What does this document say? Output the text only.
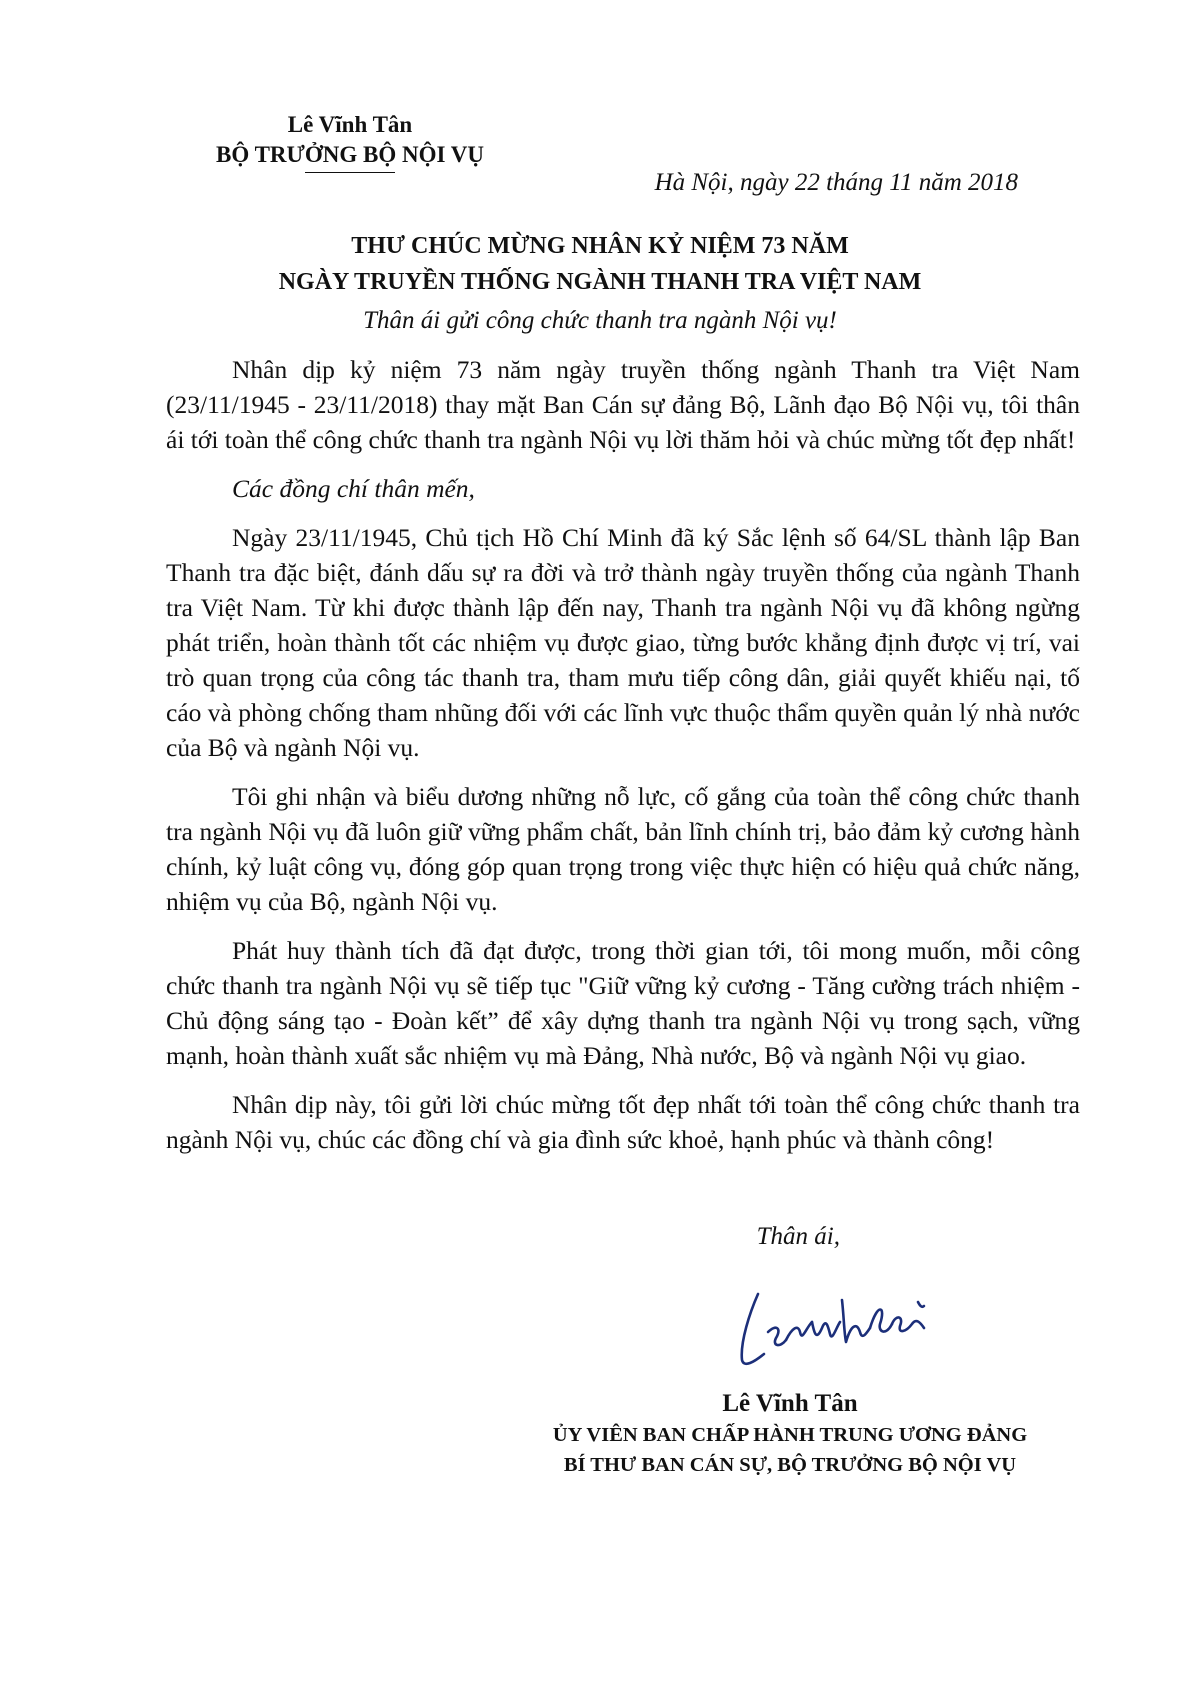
Lê Vĩnh Tân
BỘ TRƯỞNG BỘ NỘI VỤ
Hà Nội, ngày 22 tháng 11 năm 2018
THƯ CHÚC MỪNG NHÂN KỶ NIỆM 73 NĂM
NGÀY TRUYỀN THỐNG NGÀNH THANH TRA VIỆT NAM
Thân ái gửi công chức thanh tra ngành Nội vụ!

Nhân dịp kỷ niệm 73 năm ngày truyền thống ngành Thanh tra Việt Nam (23/11/1945 - 23/11/2018) thay mặt Ban Cán sự đảng Bộ, Lãnh đạo Bộ Nội vụ, tôi thân ái tới toàn thể công chức thanh tra ngành Nội vụ lời thăm hỏi và chúc mừng tốt đẹp nhất!

Các đồng chí thân mến,

Ngày 23/11/1945, Chủ tịch Hồ Chí Minh đã ký Sắc lệnh số 64/SL thành lập Ban Thanh tra đặc biệt, đánh dấu sự ra đời và trở thành ngày truyền thống của ngành Thanh tra Việt Nam. Từ khi được thành lập đến nay, Thanh tra ngành Nội vụ đã không ngừng phát triển, hoàn thành tốt các nhiệm vụ được giao, từng bước khẳng định được vị trí, vai trò quan trọng của công tác thanh tra, tham mưu tiếp công dân, giải quyết khiếu nại, tố cáo và phòng chống tham nhũng đối với các lĩnh vực thuộc thẩm quyền quản lý nhà nước của Bộ và ngành Nội vụ.

Tôi ghi nhận và biểu dương những nỗ lực, cố gắng của toàn thể công chức thanh tra ngành Nội vụ đã luôn giữ vững phẩm chất, bản lĩnh chính trị, bảo đảm kỷ cương hành chính, kỷ luật công vụ, đóng góp quan trọng trong việc thực hiện có hiệu quả chức năng, nhiệm vụ của Bộ, ngành Nội vụ.

Phát huy thành tích đã đạt được, trong thời gian tới, tôi mong muốn, mỗi công chức thanh tra ngành Nội vụ sẽ tiếp tục "Giữ vững kỷ cương - Tăng cường trách nhiệm - Chủ động sáng tạo - Đoàn kết” để xây dựng thanh tra ngành Nội vụ trong sạch, vững mạnh, hoàn thành xuất sắc nhiệm vụ mà Đảng, Nhà nước, Bộ và ngành Nội vụ giao.

Nhân dịp này, tôi gửi lời chúc mừng tốt đẹp nhất tới toàn thể công chức thanh tra ngành Nội vụ, chúc các đồng chí và gia đình sức khoẻ, hạnh phúc và thành công!

Thân ái,
Lê Vĩnh Tân
ỦY VIÊN BAN CHẤP HÀNH TRUNG ƯƠNG ĐẢNG
BÍ THƯ BAN CÁN SỰ, BỘ TRƯỞNG BỘ NỘI VỤ
